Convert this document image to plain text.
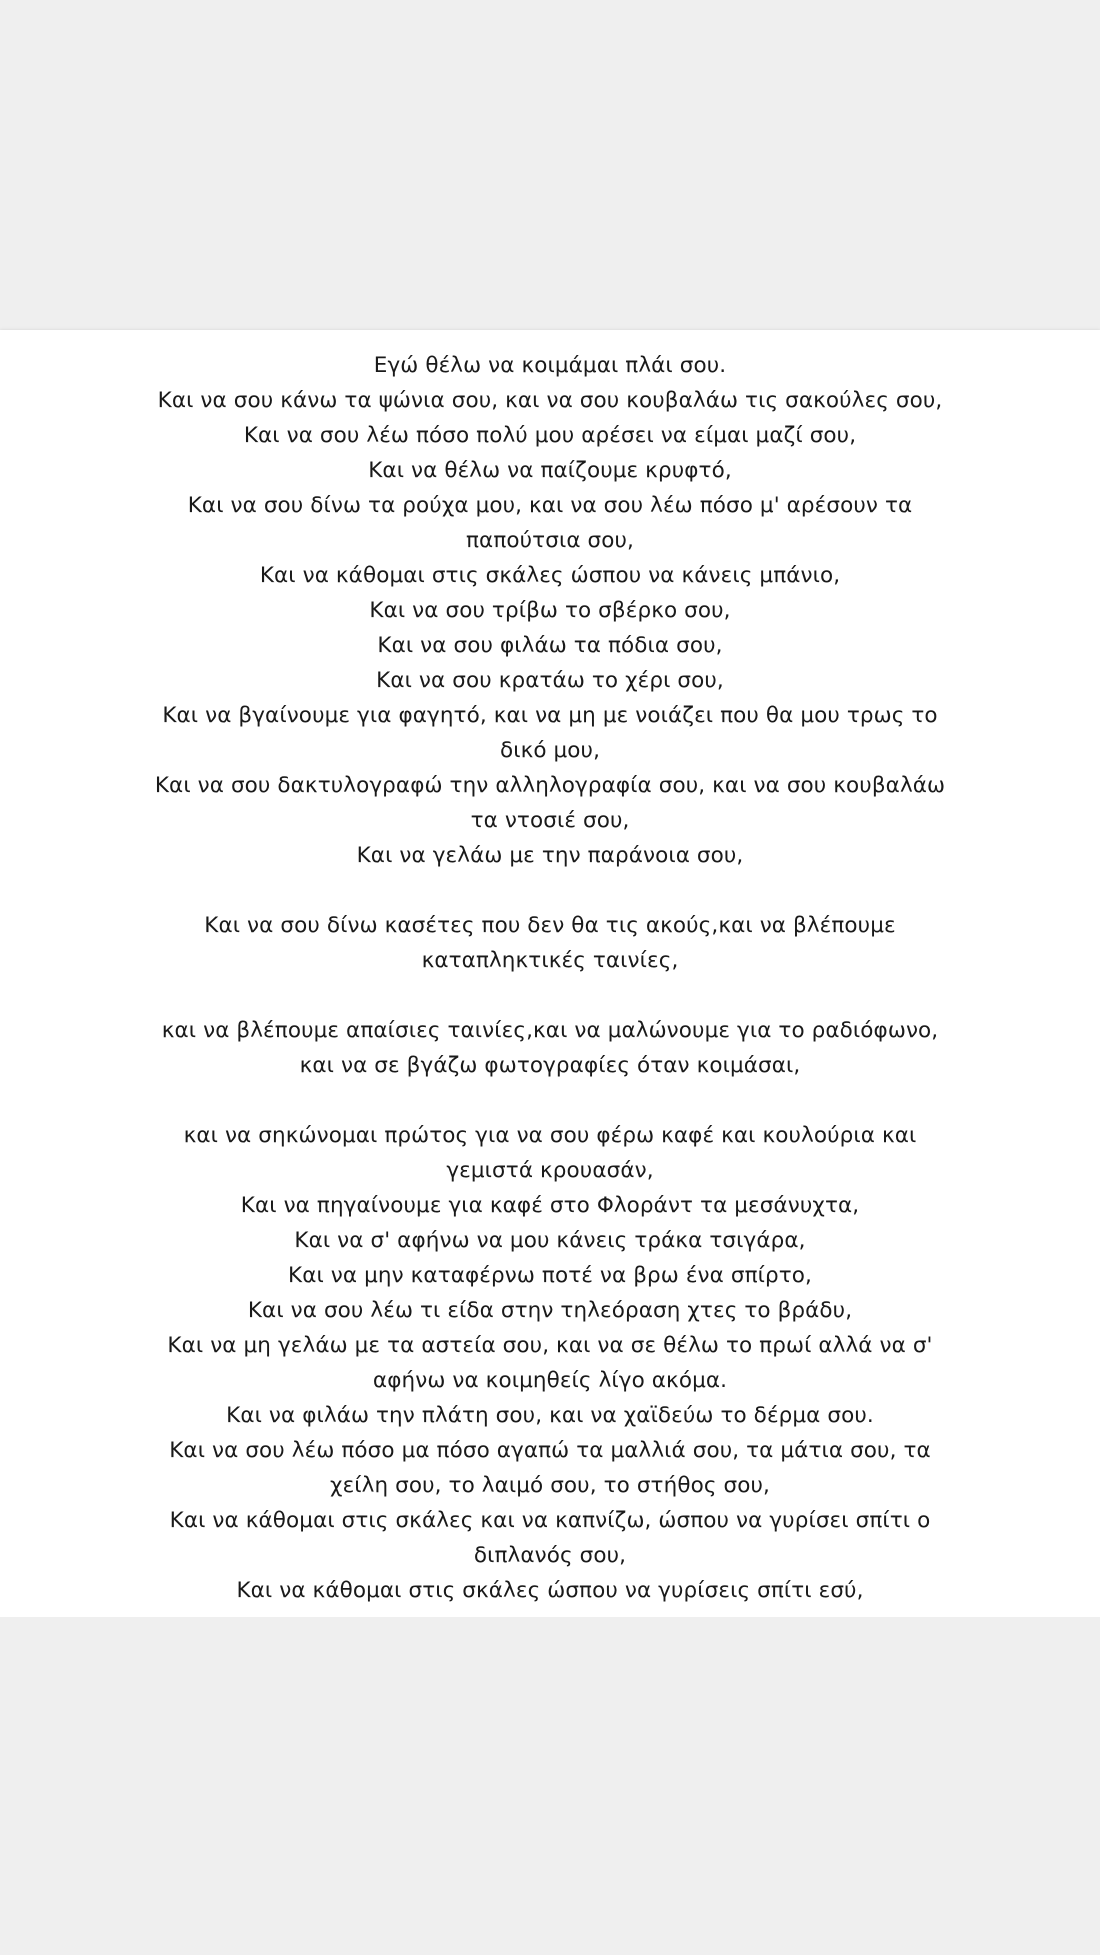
Εγώ θέλω να κοιμάμαι πλάι σου.
Και να σου κάνω τα ψώνια σου, και να σου κουβαλάω τις σακούλες σου,
Και να σου λέω πόσο πολύ μου αρέσει να είμαι μαζί σου,
Και να θέλω να παίζουμε κρυφτό,
Και να σου δίνω τα ρούχα μου, και να σου λέω πόσο μ' αρέσουν τα
παπούτσια σου,
Και να κάθομαι στις σκάλες ώσπου να κάνεις μπάνιο,
Και να σου τρίβω το σβέρκο σου,
Και να σου φιλάω τα πόδια σου,
Και να σου κρατάω το χέρι σου,
Και να βγαίνουμε για φαγητό, και να μη με νοιάζει που θα μου τρως το
δικό μου,
Και να σου δακτυλογραφώ την αλληλογραφία σου, και να σου κουβαλάω
τα ντοσιέ σου,
Και να γελάω με την παράνοια σου,
Και να σου δίνω κασέτες που δεν θα τις ακούς,και να βλέπουμε
καταπληκτικές ταινίες,
και να βλέπουμε απαίσιες ταινίες,και να μαλώνουμε για το ραδιόφωνο,
και να σε βγάζω φωτογραφίες όταν κοιμάσαι,
και να σηκώνομαι πρώτος για να σου φέρω καφέ και κουλούρια και
γεμιστά κρουασάν,
Και να πηγαίνουμε για καφέ στο Φλοράντ τα μεσάνυχτα,
Και να σ' αφήνω να μου κάνεις τράκα τσιγάρα,
Και να μην καταφέρνω ποτέ να βρω ένα σπίρτο,
Και να σου λέω τι είδα στην τηλεόραση χτες το βράδυ,
Και να μη γελάω με τα αστεία σου, και να σε θέλω το πρωί αλλά να σ'
αφήνω να κοιμηθείς λίγο ακόμα.
Και να φιλάω την πλάτη σου, και να χαϊδεύω το δέρμα σου.
Και να σου λέω πόσο μα πόσο αγαπώ τα μαλλιά σου, τα μάτια σου, τα
χείλη σου, το λαιμό σου, το στήθος σου,
Και να κάθομαι στις σκάλες και να καπνίζω, ώσπου να γυρίσει σπίτι ο
διπλανός σου,
Και να κάθομαι στις σκάλες ώσπου να γυρίσεις σπίτι εσύ,
